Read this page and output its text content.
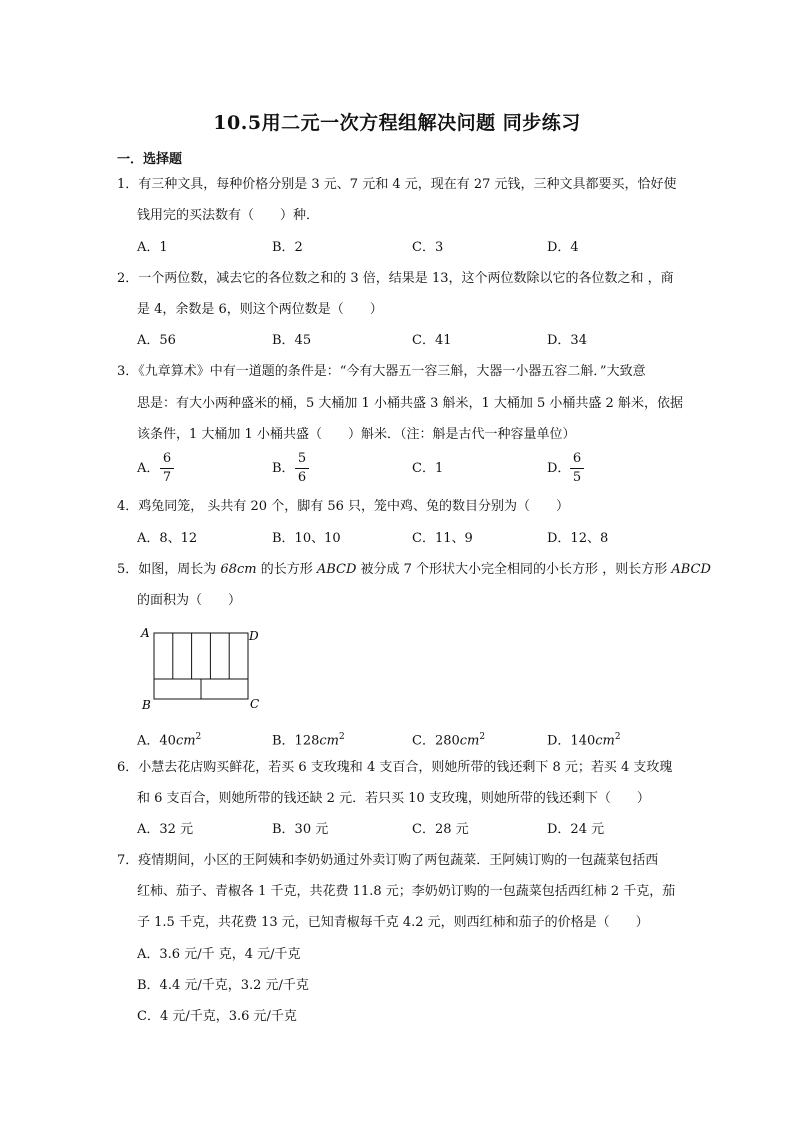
10.5用二元一次方程组解决问题 同步练习
一．选择题
1．有三种文具，每种价格分别是 3 元、7 元和 4 元，现在有 27 元钱，三种文具都要买，恰好使
钱用完的买法数有（　　）种．
A．1	B．2	C．3	D．4
2．一个两位数，减去它的各位数之和的 3 倍，结果是 13，这个两位数除以它的各位数之和 ，商
是 4，余数是 6，则这个两位数是（　　）
A．56	B．45	C．41	D．34
3．《九章算术》中有一道题的条件是：“今有大器五一容三斛，大器一小器五容二斛．”大致意
思是：有大小两种盛米的桶，5 大桶加 1 小桶共盛 3 斛米，1 大桶加 5 小桶共盛 2 斛米，依据
该条件，1 大桶加 1 小桶共盛（　　）斛米．（注：斛是古代一种容量单位）
A．
6
7
B．
5
6
C．1	D．
6
5
4．鸡兔同笼， 头共有 20 个，脚有 56 只，笼中鸡、兔的数目分别为（　　）
A．8、12	B．10、10	C．11、9	D．12、8
5．如图，周长为 68cm 的长方形 ABCD 被分成 7 个形状大小完全相同的小长方形 ，则长方形 ABCD
的面积为（　　）
A	D
B	C
A．$40cm^2$	B．$128cm^2$	C．$280cm^2$	D．$140cm^2$
6．小慧去花店购买鲜花，若买 6 支玫瑰和 4 支百合，则她所带的钱还剩下 8 元；若买 4 支玫瑰
和 6 支百合，则她所带的钱还缺 2 元．若只买 10 支玫瑰，则她所带的钱还剩下（　　）
A．32 元	B．30 元	C．28 元	D．24 元
7．疫情期间，小区的王阿姨和李奶奶通过外卖订购了两包蔬菜．王阿姨订购的一包蔬菜包括西
红柿、茄子、青椒各 1 千克，共花费 11.8 元；李奶奶订购的一包蔬菜包括西红柿 2 千克，茄
子 1.5 千克，共花费 13 元，已知青椒每千克 4.2 元，则西红柿和茄子的价格是（　　）
A．3.6 元/千 克，4 元/千克
B．4.4 元/千克，3.2 元/千克
C．4 元/千克，3.6 元/千克
